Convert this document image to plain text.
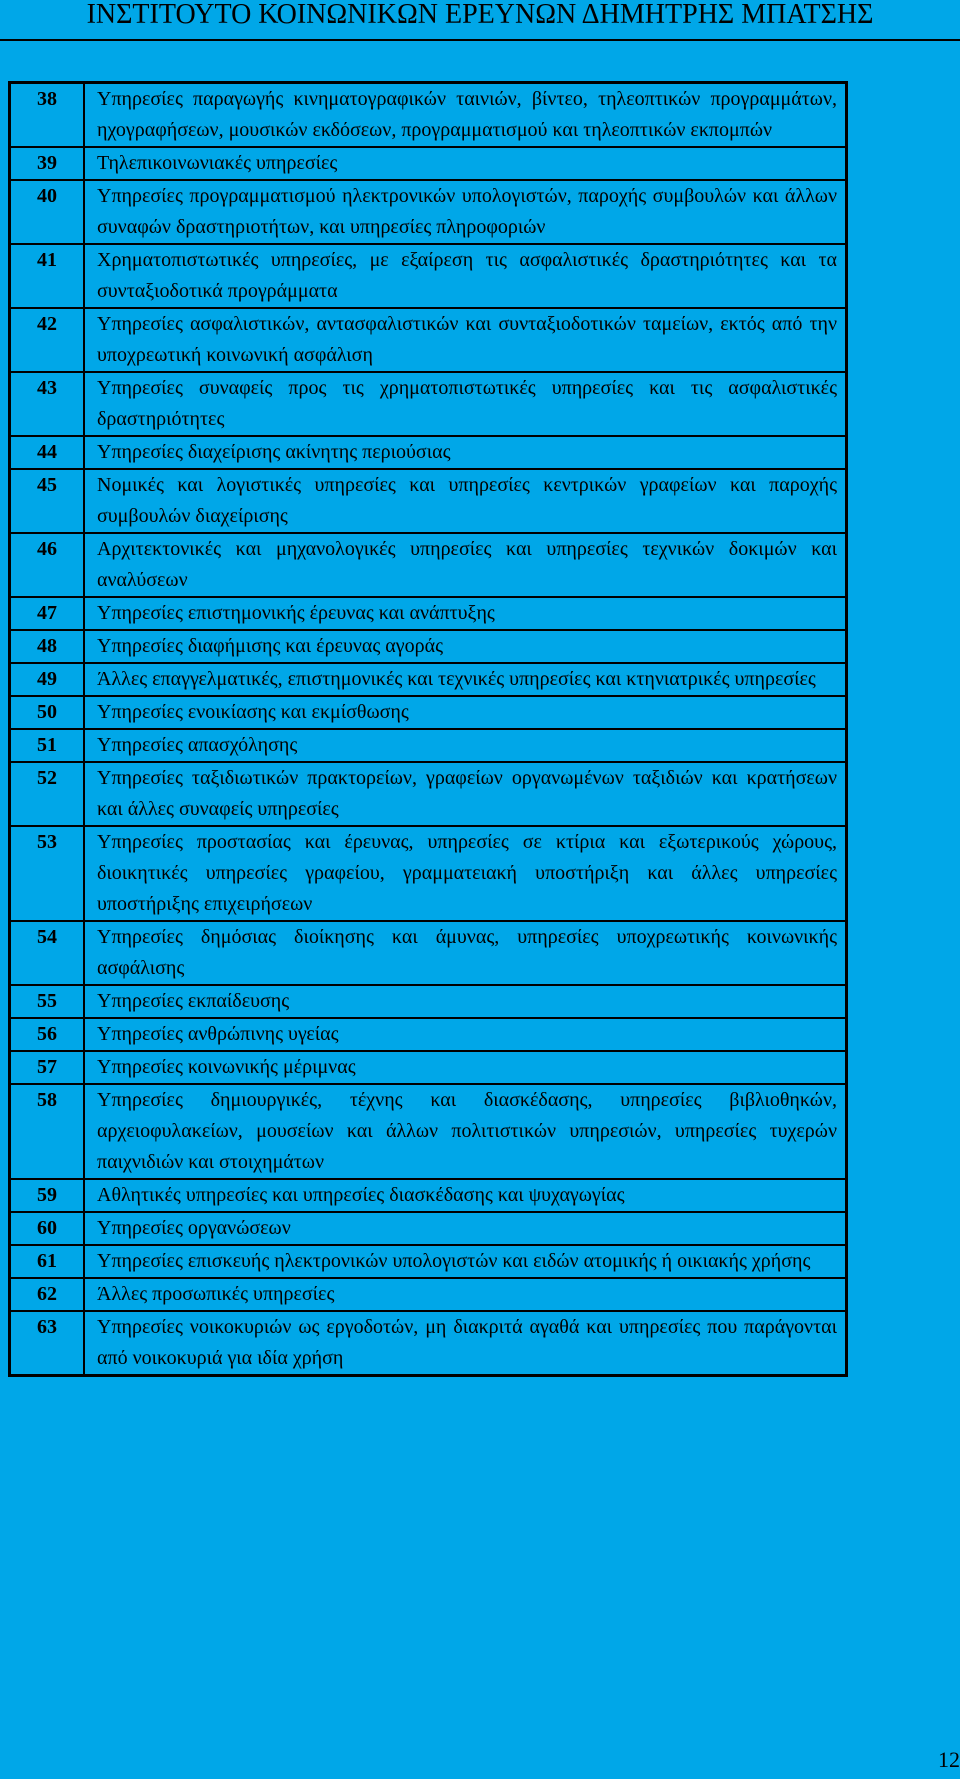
ΙΝΣΤΙΤΟΥΤΟ ΚΟΙΝΩΝΙΚΩΝ ΕΡΕΥΝΩΝ ΔΗΜΗΤΡΗΣ ΜΠΑΤΣΗΣ
38	Υπηρεσίες παραγωγής κινηματογραφικών ταινιών, βίντεο, τηλεοπτικών προγραμμάτων, ηχογραφήσεων, μουσικών εκδόσεων, προγραμματισμού και τηλεοπτικών εκπομπών
39	Τηλεπικοινωνιακές υπηρεσίες
40	Υπηρεσίες προγραμματισμού ηλεκτρονικών υπολογιστών, παροχής συμβουλών και άλλων συναφών δραστηριοτήτων, και υπηρεσίες πληροφοριών
41	Χρηματοπιστωτικές υπηρεσίες, με εξαίρεση τις ασφαλιστικές δραστηριότητες και τα συνταξιοδοτικά προγράμματα
42	Υπηρεσίες ασφαλιστικών, αντασφαλιστικών και συνταξιοδοτικών ταμείων, εκτός από την υποχρεωτική κοινωνική ασφάλιση
43	Υπηρεσίες συναφείς προς τις χρηματοπιστωτικές υπηρεσίες και τις ασφαλιστικές δραστηριότητες
44	Υπηρεσίες διαχείρισης ακίνητης περιούσιας
45	Νομικές και λογιστικές υπηρεσίες και υπηρεσίες κεντρικών γραφείων και παροχής συμβουλών διαχείρισης
46	Αρχιτεκτονικές και μηχανολογικές υπηρεσίες και υπηρεσίες τεχνικών δοκιμών και αναλύσεων
47	Υπηρεσίες επιστημονικής έρευνας και ανάπτυξης
48	Υπηρεσίες διαφήμισης και έρευνας αγοράς
49	Άλλες επαγγελματικές, επιστημονικές και τεχνικές υπηρεσίες και κτηνιατρικές υπηρεσίες
50	Υπηρεσίες ενοικίασης και εκμίσθωσης
51	Υπηρεσίες απασχόλησης
52	Υπηρεσίες ταξιδιωτικών πρακτορείων, γραφείων οργανωμένων ταξιδιών και κρατήσεων και άλλες συναφείς υπηρεσίες
53	Υπηρεσίες προστασίας και έρευνας, υπηρεσίες σε κτίρια και εξωτερικούς χώρους, διοικητικές υπηρεσίες γραφείου, γραμματειακή υποστήριξη και άλλες υπηρεσίες υποστήριξης επιχειρήσεων
54	Υπηρεσίες δημόσιας διοίκησης και άμυνας, υπηρεσίες υποχρεωτικής κοινωνικής ασφάλισης
55	Υπηρεσίες εκπαίδευσης
56	Υπηρεσίες ανθρώπινης υγείας
57	Υπηρεσίες κοινωνικής μέριμνας
58	Υπηρεσίες δημιουργικές, τέχνης και διασκέδασης, υπηρεσίες βιβλιοθηκών, αρχειοφυλακείων, μουσείων και άλλων πολιτιστικών υπηρεσιών, υπηρεσίες τυχερών παιχνιδιών και στοιχημάτων
59	Αθλητικές υπηρεσίες και υπηρεσίες διασκέδασης και ψυχαγωγίας
60	Υπηρεσίες οργανώσεων
61	Υπηρεσίες επισκευής ηλεκτρονικών υπολογιστών και ειδών ατομικής ή οικιακής χρήσης
62	Άλλες προσωπικές υπηρεσίες
63	Υπηρεσίες νοικοκυριών ως εργοδοτών, μη διακριτά αγαθά και υπηρεσίες που παράγονται από νοικοκυριά για ιδία χρήση
12
